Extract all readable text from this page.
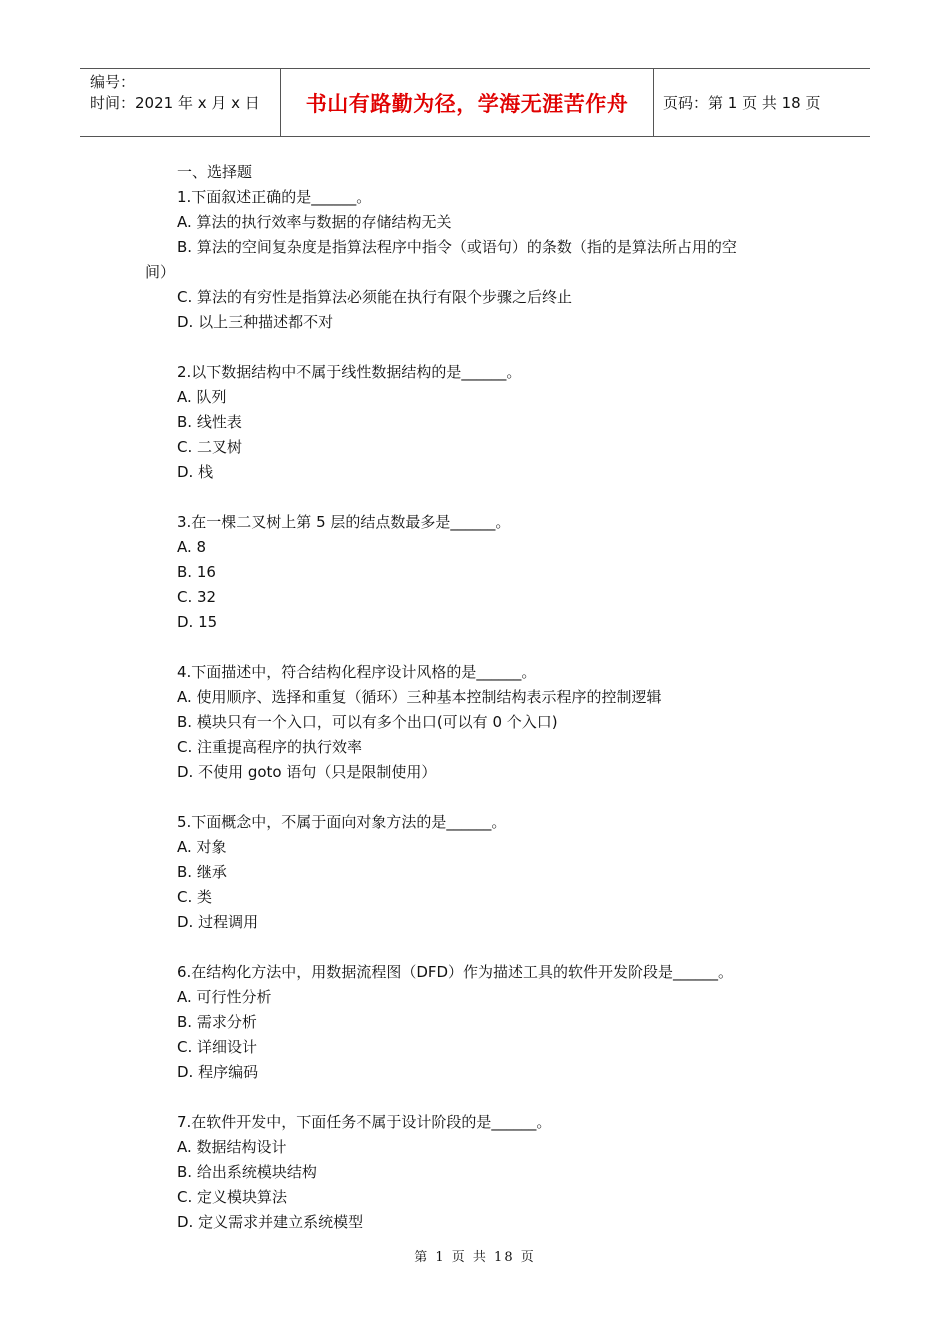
编号：
时间：2021 年 x 月 x 日	书山有路勤为径，学海无涯苦作舟	页码：第 1 页 共 18 页
一、选择题
1.下面叙述正确的是______。
A. 算法的执行效率与数据的存储结构无关
B. 算法的空间复杂度是指算法程序中指令（或语句）的条数（指的是算法所占用的空
间）
C. 算法的有穷性是指算法必须能在执行有限个步骤之后终止
D. 以上三种描述都不对
2.以下数据结构中不属于线性数据结构的是______。
A. 队列
B. 线性表
C. 二叉树
D. 栈
3.在一棵二叉树上第 5 层的结点数最多是______。
A. 8
B. 16
C. 32
D. 15
4.下面描述中，符合结构化程序设计风格的是______。
A. 使用顺序、选择和重复（循环）三种基本控制结构表示程序的控制逻辑
B. 模块只有一个入口，可以有多个出口(可以有 0 个入口)
C. 注重提高程序的执行效率
D. 不使用 goto 语句（只是限制使用）
5.下面概念中，不属于面向对象方法的是______。
A. 对象
B. 继承
C. 类
D. 过程调用
6.在结构化方法中，用数据流程图（DFD）作为描述工具的软件开发阶段是______。
A. 可行性分析
B. 需求分析
C. 详细设计
D. 程序编码
7.在软件开发中，下面任务不属于设计阶段的是______。
A. 数据结构设计
B. 给出系统模块结构
C. 定义模块算法
D. 定义需求并建立系统模型
第 1 页 共 18 页
